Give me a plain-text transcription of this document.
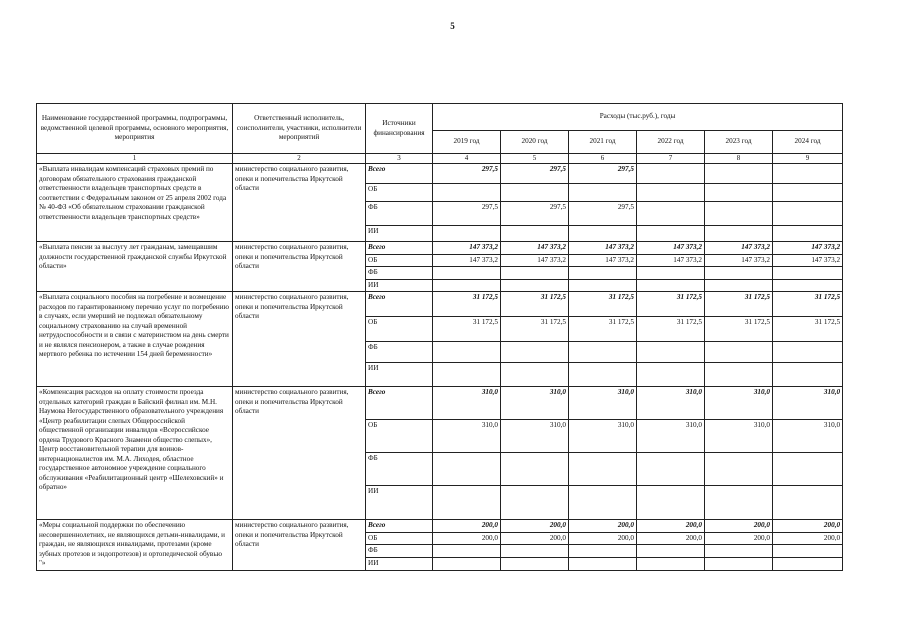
5
Наименование государственной программы, подпрограммы, ведомственной целевой программы, основного мероприятия, мероприятия	Ответственный исполнитель, соисполнители, участники, исполнители мероприятий	Источники финансирования	Расходы (тыс.руб.), годы					
			2019 год	2020 год	2021 год	2022 год	2023 год	2024 год
1	2	3	4	5	6	7	8	9
«Выплата инвалидам компенсаций страховых премий по договорам обязательного страхования гражданской ответственности владельцев транспортных средств в соответствии с Федеральным законом от 25 апреля 2002 года № 40-ФЗ «Об обязательном страховании гражданской ответственности владельцев транспортных средств»	министерство социального развития, опеки и попечительства Иркутской области	Всего	297,5	297,5	297,5			
		ОБ						
		ФБ	297,5	297,5	297,5			
		ИИ						
«Выплата пенсии за выслугу лет гражданам, замещавшим должности государственной гражданской службы Иркутской области»	министерство социального развития, опеки и попечительства Иркутской области	Всего	147 373,2	147 373,2	147 373,2	147 373,2	147 373,2	147 373,2
		ОБ	147 373,2	147 373,2	147 373,2	147 373,2	147 373,2	147 373,2
		ФБ						
		ИИ						
«Выплата социального пособия на погребение и возмещение расходов по гарантированному перечню услуг по погребению в случаях, если умерший не подлежал обязательному социальному страхованию на случай временной нетрудоспособности и в связи с материнством на день смерти и не являлся пенсионером, а также в случае рождения мертвого ребенка по истечении 154 дней беременности»	министерство социального развития, опеки и попечительства Иркутской области	Всего	31 172,5	31 172,5	31 172,5	31 172,5	31 172,5	31 172,5
		ОБ	31 172,5	31 172,5	31 172,5	31 172,5	31 172,5	31 172,5
		ФБ						
		ИИ						
«Компенсация расходов на оплату стоимости проезда отдельных категорий граждан в Байский филиал им. М.Н. Наумова Негосударственного образовательного учреждения «Центр реабилитации слепых Общероссийской общественной организации инвалидов «Всероссийское ордена Трудового Красного Знамени общество слепых», Центр восстановительной терапии для воинов-интернационалистов им. М.А. Лиходея, областное государственное автономное учреждение социального обслуживания «Реабилитационный центр «Шелеховский» и обратно»	министерство социального развития, опеки и попечительства Иркутской области	Всего	310,0	310,0	310,0	310,0	310,0	310,0
		ОБ	310,0	310,0	310,0	310,0	310,0	310,0
		ФБ						
		ИИ						
«Меры социальной поддержки по обеспечению несовершеннолетних, не являющихся детьми-инвалидами, и граждан, не являющихся инвалидами, протезами (кроме зубных протезов и эндопротезов) и ортопедической обувью "»	министерство социального развития, опеки и попечительства Иркутской области	Всего	200,0	200,0	200,0	200,0	200,0	200,0
		ОБ	200,0	200,0	200,0	200,0	200,0	200,0
		ФБ						
		ИИ						
